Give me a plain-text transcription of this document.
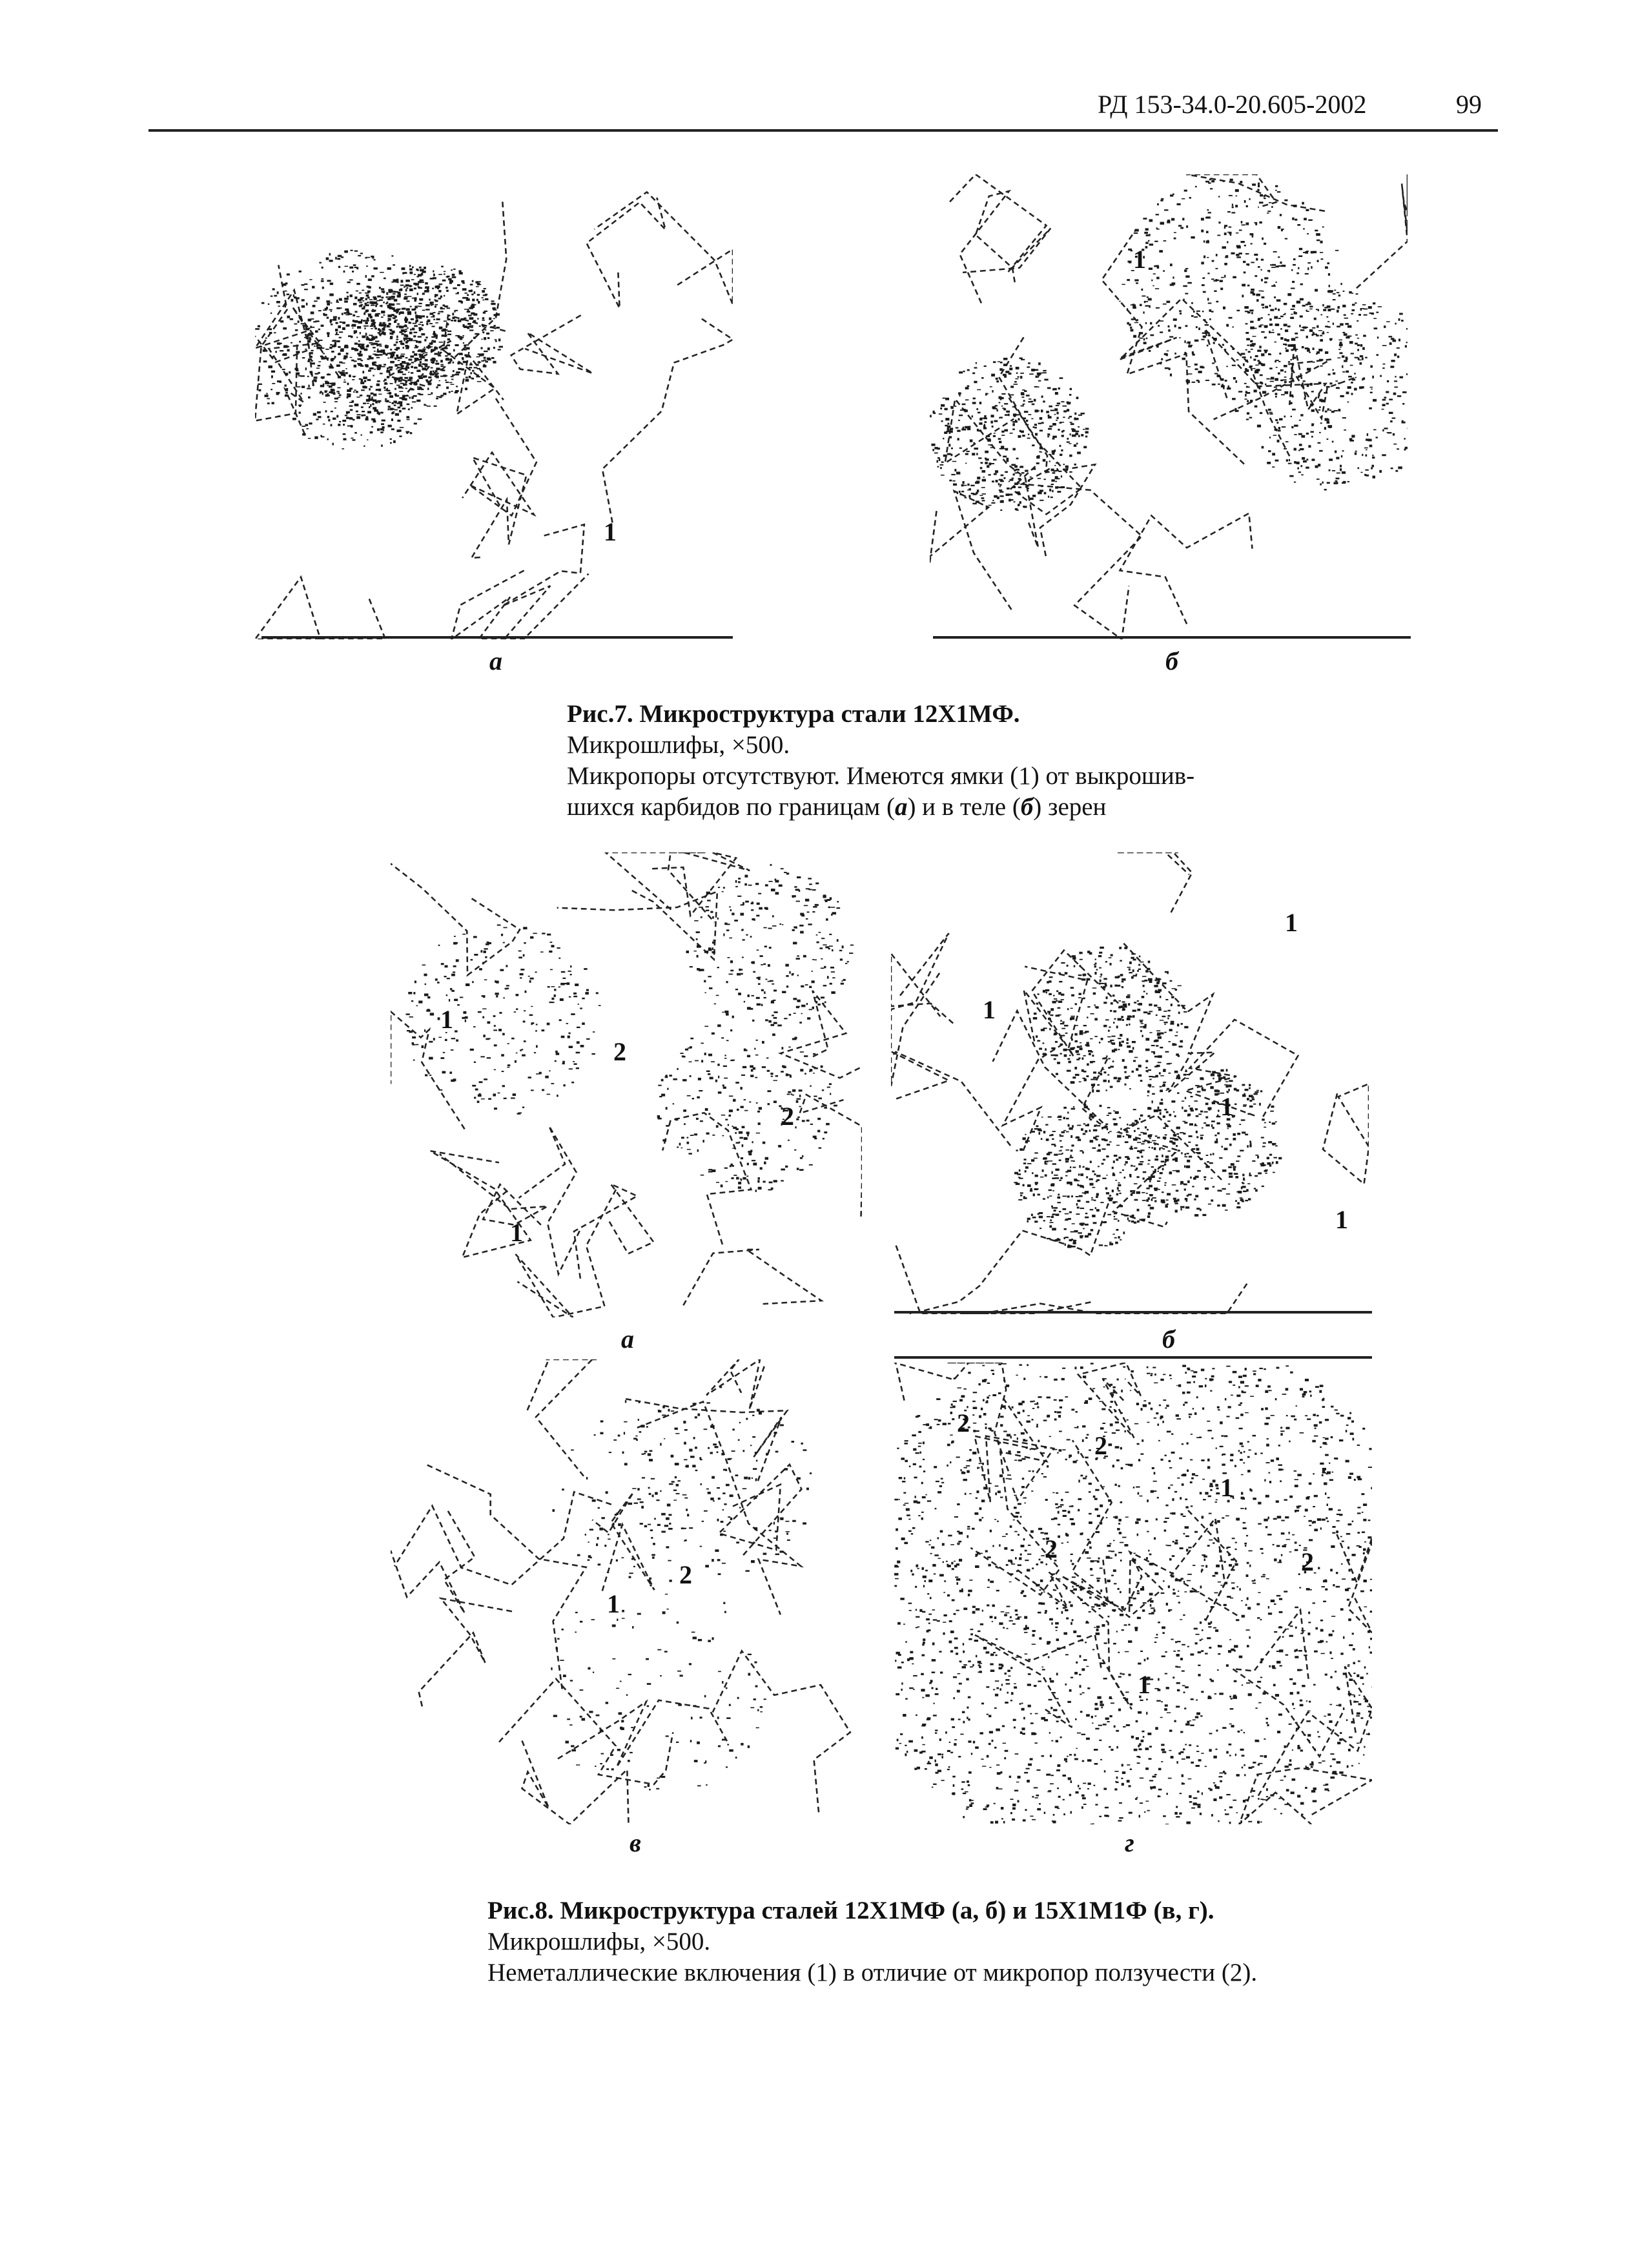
РД 153-34.0-20.605-2002	99
1
а
1
б
Рис.7. Микроструктура стали 12Х1МФ.
Микрошлифы, ×500.
Микропоры отсутствуют. Имеются ямки (1) от выкрошив-
шихся карбидов по границам (а) и в теле (б) зерен
1
2
2
1
а
1
1
1
1
б
1
2
в
2
2
1
2	2
1
г
Рис.8. Микроструктура сталей 12Х1МФ (а, б) и 15Х1М1Ф (в, г).
Микрошлифы, ×500.
Неметаллические включения (1) в отличие от микропор ползучести (2).
